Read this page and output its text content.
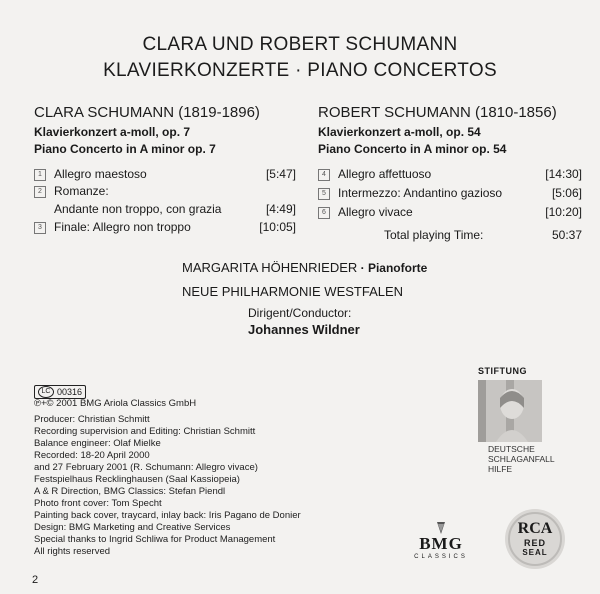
CLARA UND ROBERT SCHUMANN
KLAVIERKONZERTE · PIANO CONCERTOS
CLARA SCHUMANN (1819-1896)
Klavierkonzert a-moll, op. 7
Piano Concerto in A minor op. 7
1	Allegro maestoso	[5:47]
2	Romanze:
Andante non troppo, con grazia	[4:49]
3	Finale: Allegro non troppo	[10:05]
ROBERT SCHUMANN (1810-1856)
Klavierkonzert a-moll, op. 54
Piano Concerto in A minor op. 54
4	Allegro affettuoso	[14:30]
5	Intermezzo: Andantino gazioso	[5:06]
6	Allegro vivace	[10:20]
Total playing Time:	50:37
MARGARITA HÖHENRIEDER · Pianoforte
NEUE PHILHARMONIE WESTFALEN
Dirigent/Conductor:
Johannes Wildner
LC 00316
℗+© 2001 BMG Ariola Classics GmbH
Producer: Christian Schmitt
Recording supervision and Editing: Christian Schmitt
Balance engineer: Olaf Mielke
Recorded: 18-20 April 2000
and 27 February 2001 (R. Schumann: Allegro vivace)
Festspielhaus Recklinghausen (Saal Kassiopeia)
A & R Direction, BMG Classics: Stefan Piendl
Photo front cover: Tom Specht
Painting back cover, traycard, inlay back: Iris Pagano de Donier
Design: BMG Marketing and Creative Services
Special thanks to Ingrid Schliwa for Product Management
All rights reserved
STIFTUNG
DEUTSCHE
SCHLAGANFALL
HILFE
BMG
CLASSICS
RCA
RED
SEAL
2
